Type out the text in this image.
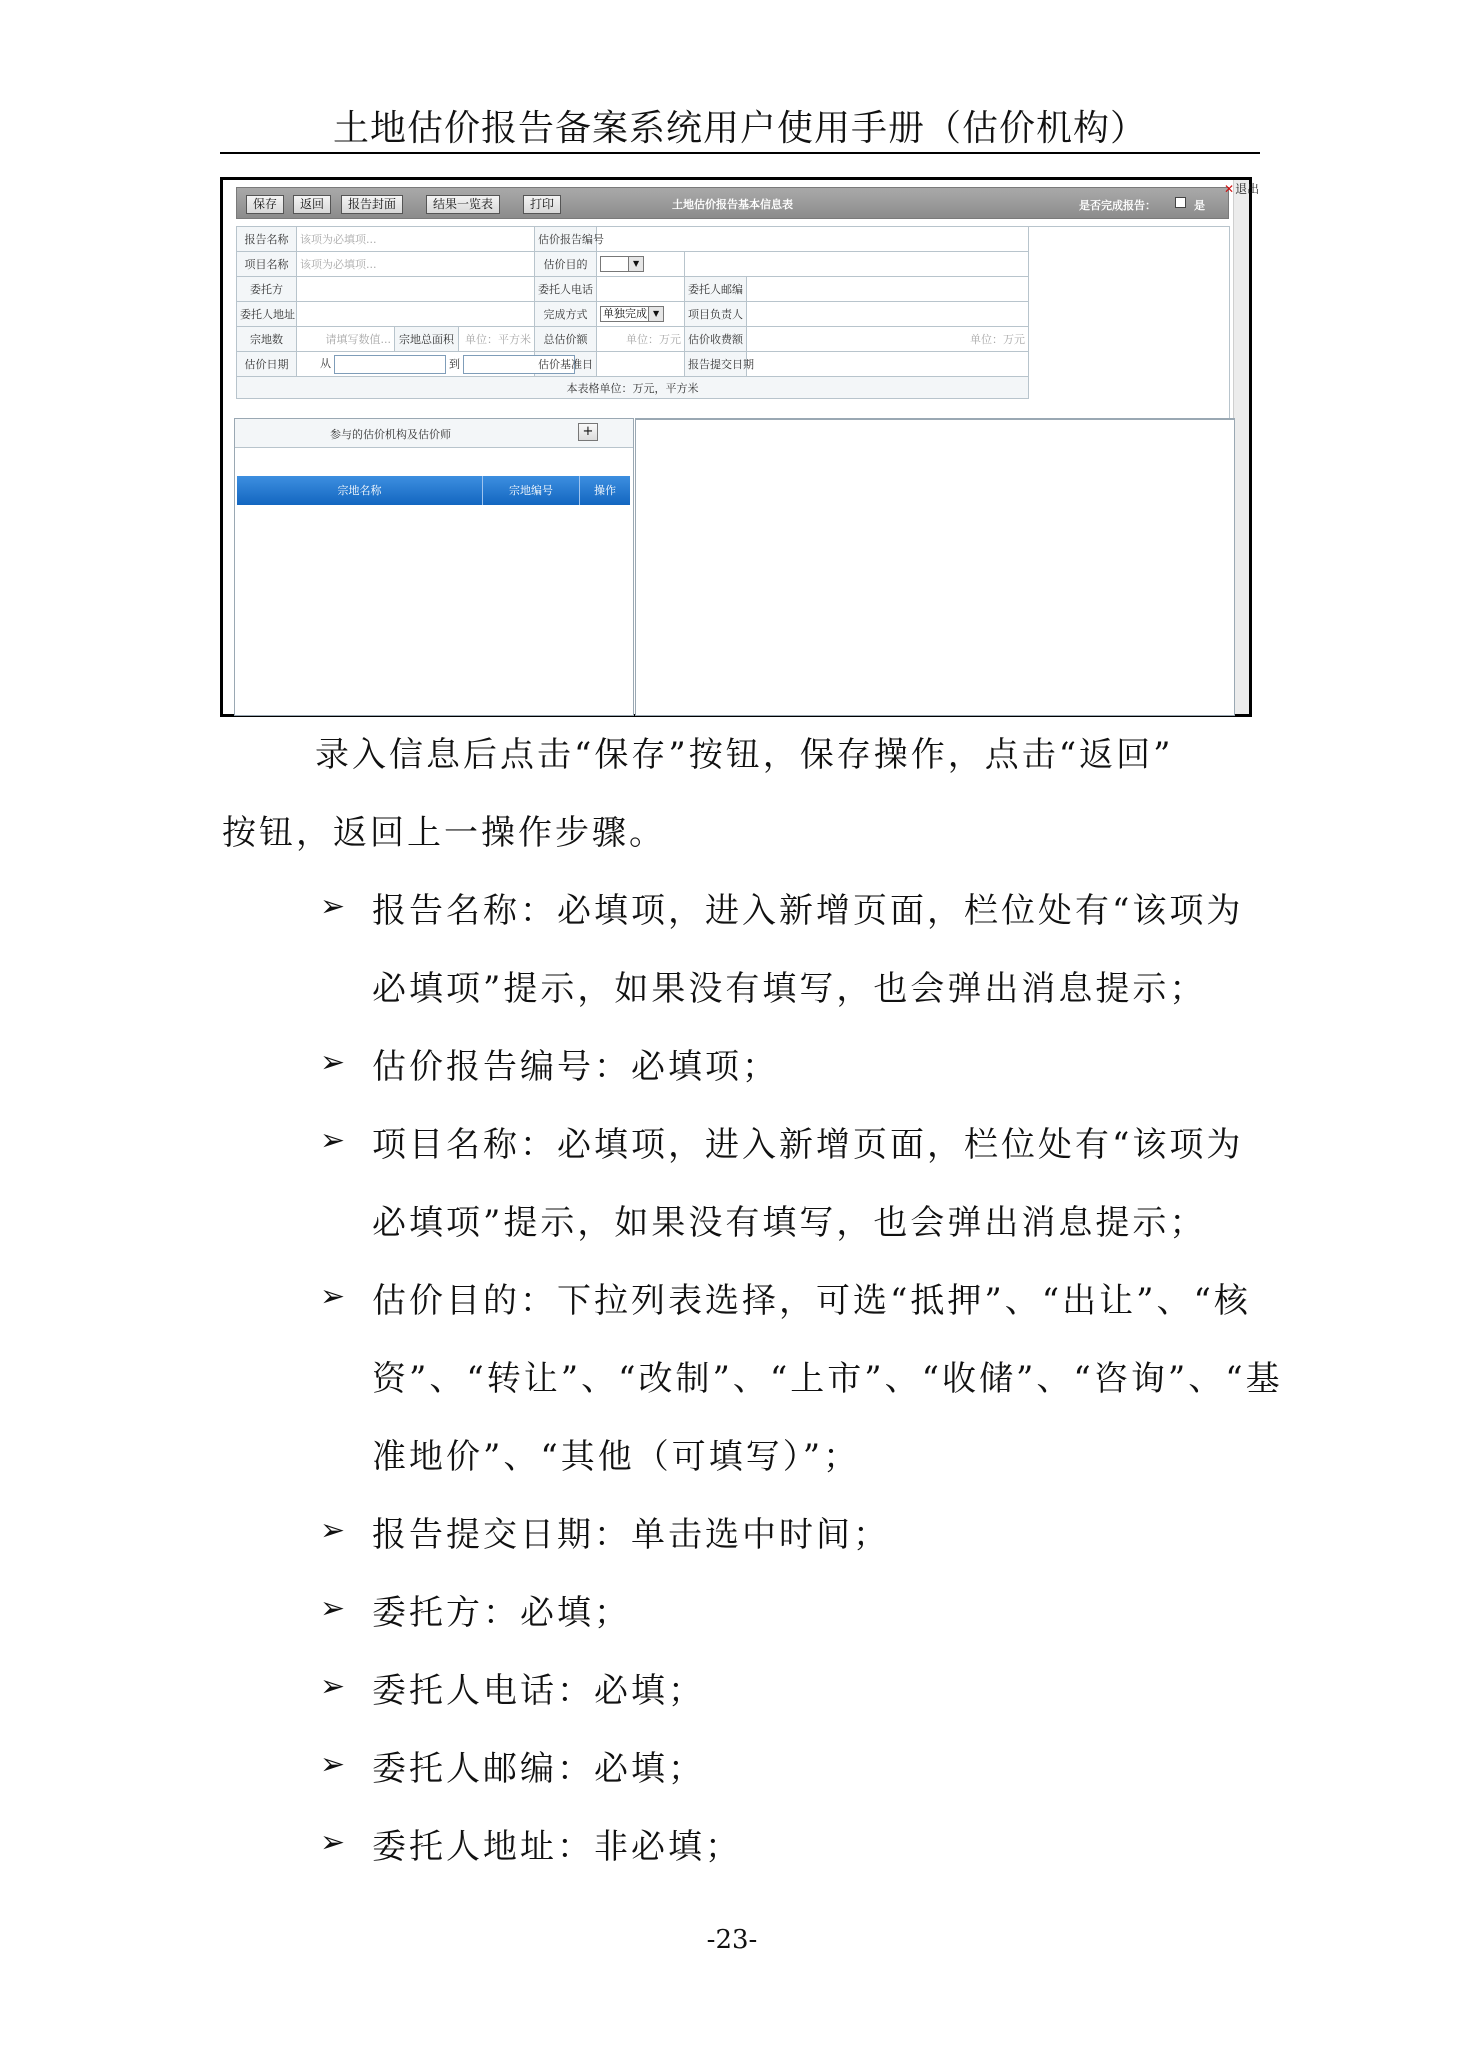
土地估价报告备案系统用户使用手册（估价机构）
保存	返回	报告封面	结果一览表	打印	土地估价报告基本信息表	是否完成报告：	是
✕退出
报告名称	该项为必填项...			估价报告编号			
项目名称	该项为必填项...			估价目的	▼		

委托方				委托人电话		委托人邮编	
委托人地址				完成方式	单独完成 ▼	项目负责人	
宗地数	请填写数值...	宗地总面积	单位：平方米	总估价额	单位：万元	估价收费额	单位：万元
估价日期	从 到			估价基准日		报告提交日期	
本表格单位：万元，平方米							
参与的估价机构及估价师	+
宗地名称	宗地编号	操作
录入信息后点击“保存”按钮，保存操作，点击“返回”
按钮，返回上一操作步骤。
➢ 报告名称：必填项，进入新增页面，栏位处有“该项为
必填项”提示，如果没有填写，也会弹出消息提示；
➢ 估价报告编号：必填项；
➢ 项目名称：必填项，进入新增页面，栏位处有“该项为
必填项”提示，如果没有填写，也会弹出消息提示；
➢ 估价目的：下拉列表选择，可选“抵押”、“出让”、“核
资”、“转让”、“改制”、“上市”、“收储”、“咨询”、“基
准地价”、“其他（可填写）”；
➢ 报告提交日期：单击选中时间；
➢ 委托方：必填；
➢ 委托人电话：必填；
➢ 委托人邮编：必填；
➢ 委托人地址：非必填；
-23-
